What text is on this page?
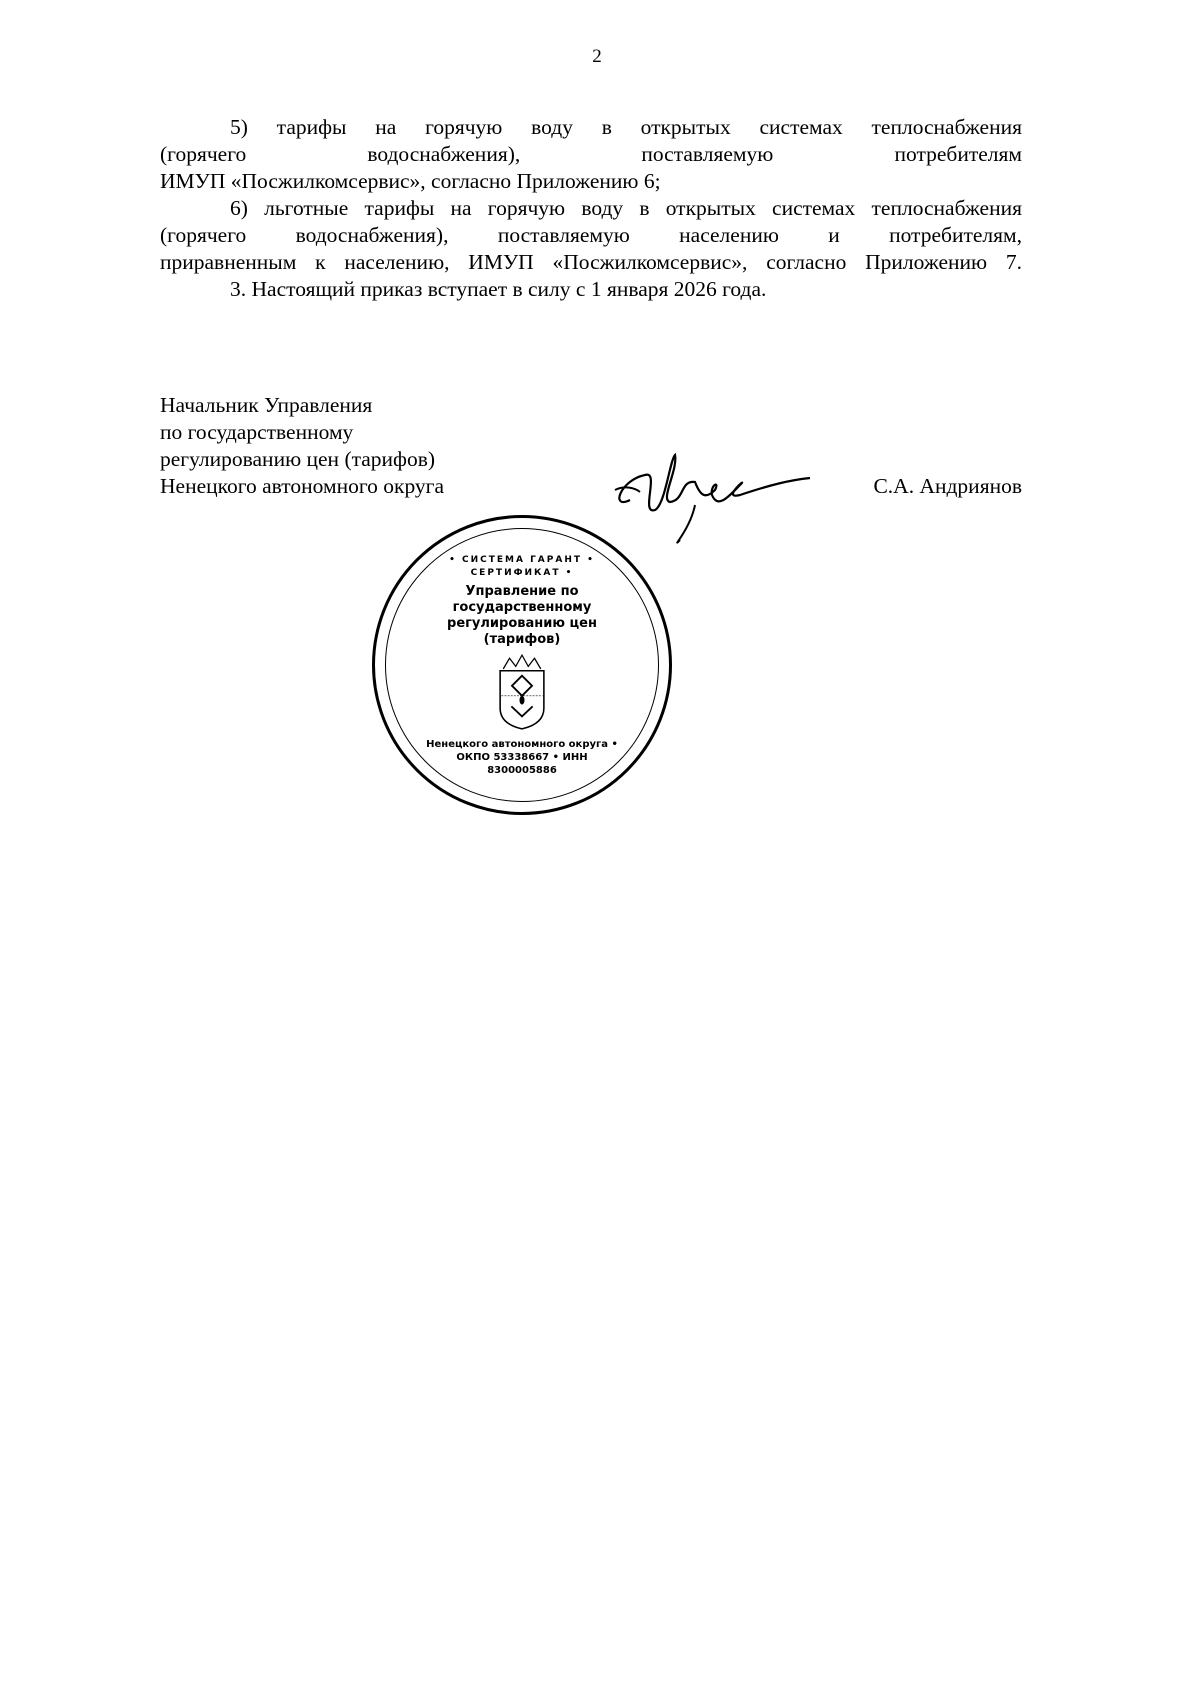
2
5) тарифы на горячую воду в открытых системах теплоснабжения
(горячего водоснабжения), поставляемую потребителям
ИМУП «Посжилкомсервис», согласно Приложению 6;
6) льготные тарифы на горячую воду в открытых системах теплоснабжения
(горячего водоснабжения), поставляемую населению и потребителям,
приравненным к населению, ИМУП «Посжилкомсервис», согласно Приложению 7.
3. Настоящий приказ вступает в силу с 1 января 2026 года.
Начальник Управления
по государственному
регулированию цен (тарифов)
Ненецкого автономного округа	С.А. Андриянов
• СИСТЕМА ГАРАНТ • СЕРТИФИКАТ •
Управление по государственному регулированию цен (тарифов)
Ненецкого автономного округа • ОКПО 53338667 • ИНН 8300005886
